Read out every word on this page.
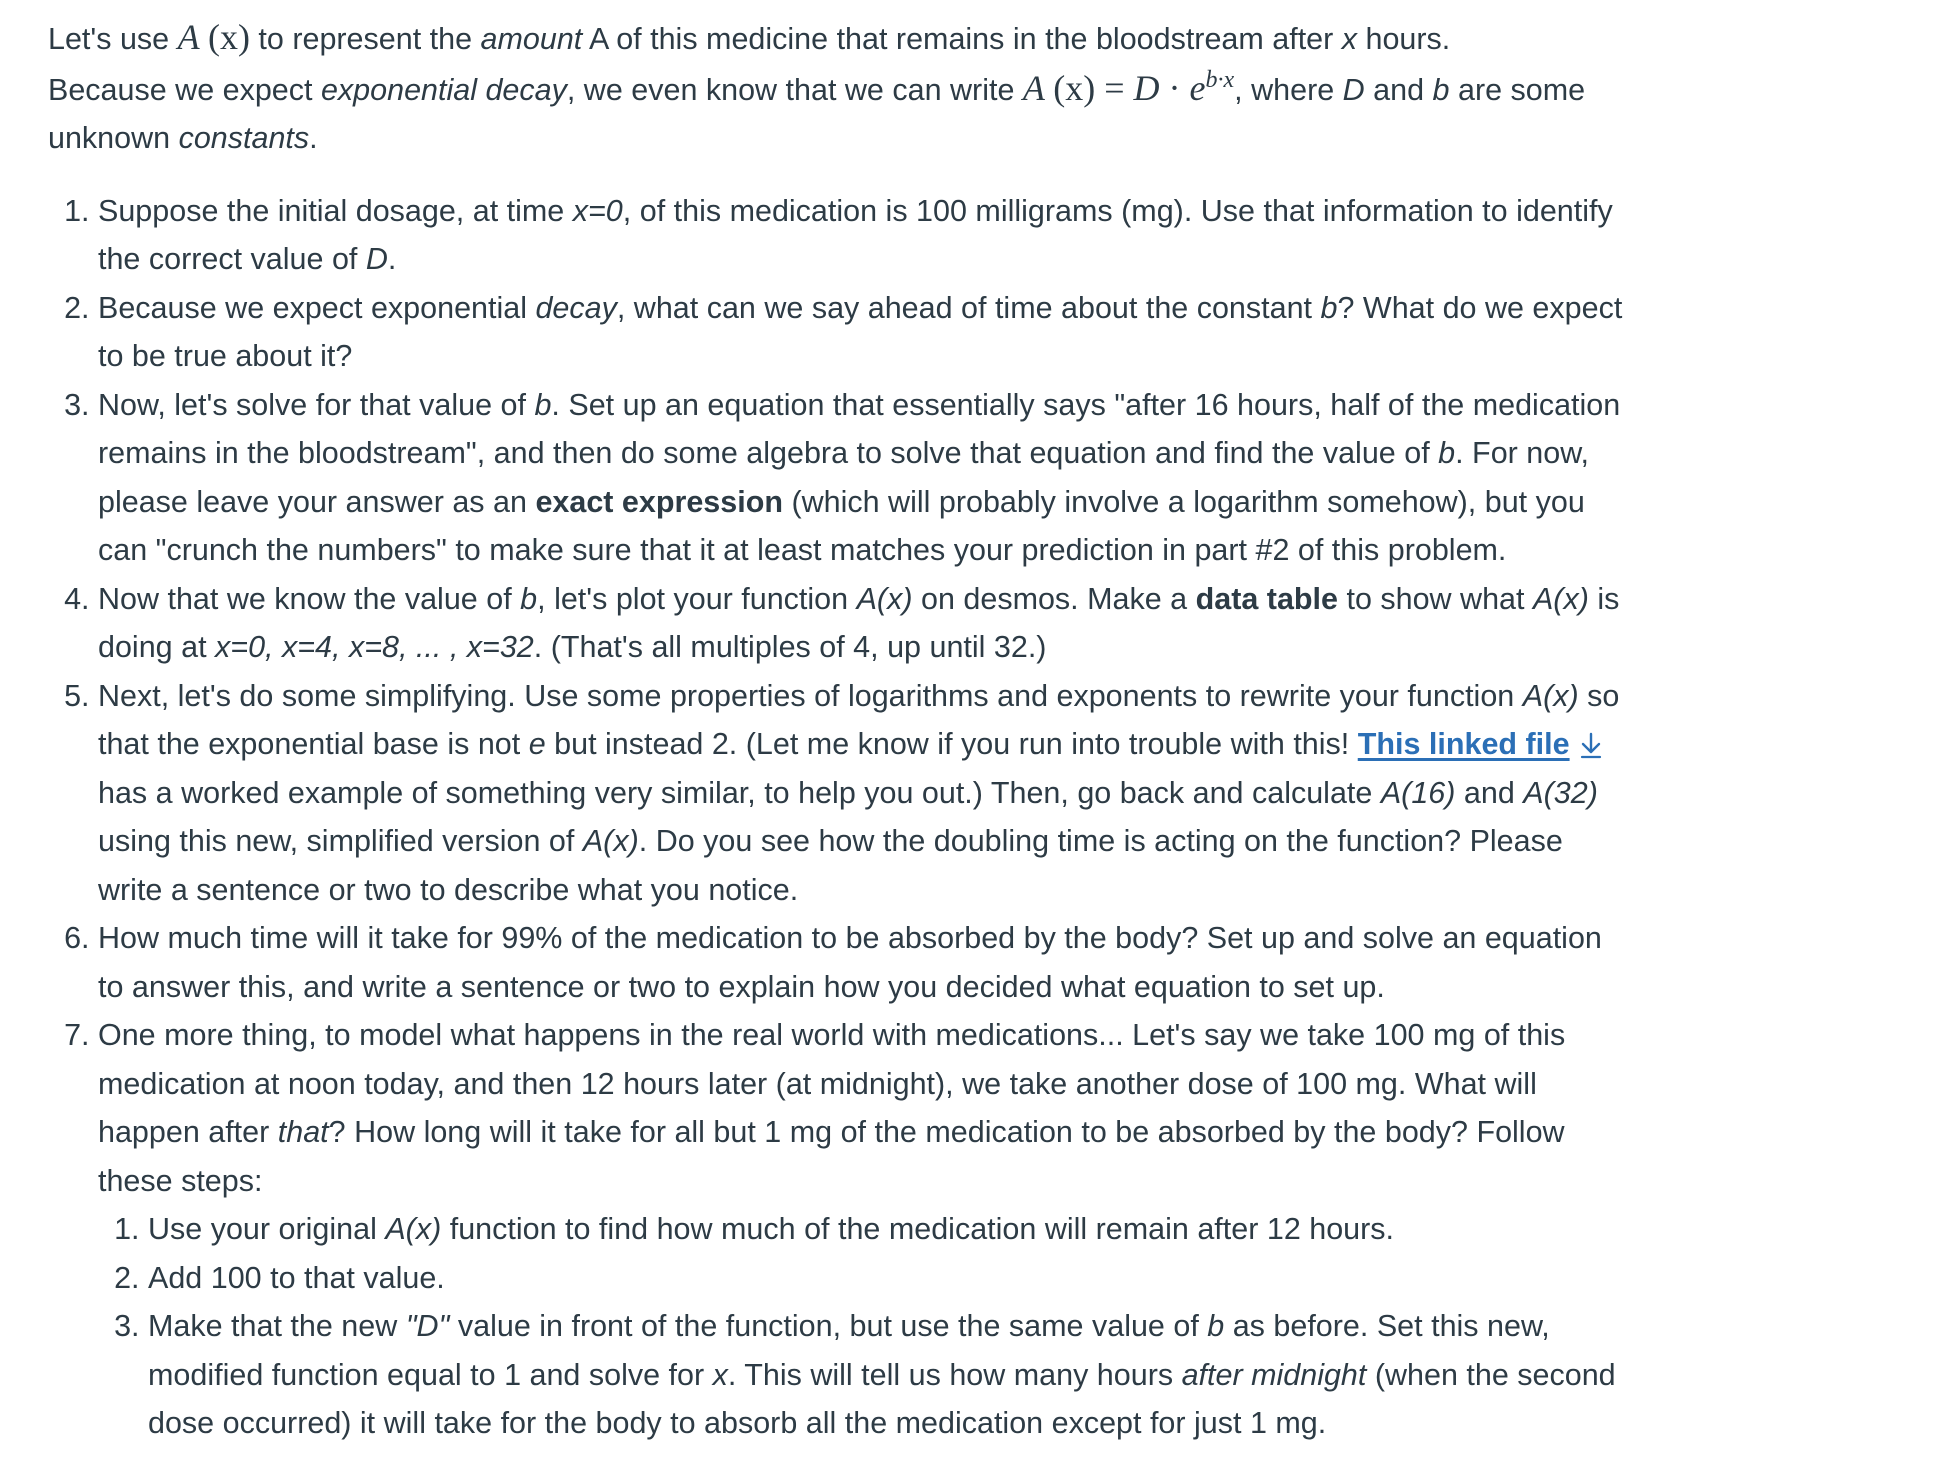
Let's use A (x) to represent the amount A of this medicine that remains in the bloodstream after x hours.
Because we expect exponential decay, we even know that we can write A $(x) = D \cdot e^{b\cdot x}$, where D and b are some unknown constants.

1. Suppose the initial dosage, at time x=0, of this medication is 100 milligrams (mg). Use that information to identify the correct value of D.
2. Because we expect exponential decay, what can we say ahead of time about the constant b? What do we expect to be true about it?
3. Now, let's solve for that value of b. Set up an equation that essentially says "after 16 hours, half of the medication remains in the bloodstream", and then do some algebra to solve that equation and find the value of b. For now, please leave your answer as an exact expression (which will probably involve a logarithm somehow), but you can "crunch the numbers" to make sure that it at least matches your prediction in part #2 of this problem.
4. Now that we know the value of b, let's plot your function A(x) on desmos. Make a data table to show what A(x) is doing at x=0, x=4, x=8, ... , x=32. (That's all multiples of 4, up until 32.)
5. Next, let's do some simplifying. Use some properties of logarithms and exponents to rewrite your function A(x) so that the exponential base is not e but instead 2. (Let me know if you run into trouble with this! This linked file has a worked example of something very similar, to help you out.) Then, go back and calculate A(16) and A(32) using this new, simplified version of A(x). Do you see how the doubling time is acting on the function? Please write a sentence or two to describe what you notice.
6. How much time will it take for 99% of the medication to be absorbed by the body? Set up and solve an equation to answer this, and write a sentence or two to explain how you decided what equation to set up.
7. One more thing, to model what happens in the real world with medications... Let's say we take 100 mg of this medication at noon today, and then 12 hours later (at midnight), we take another dose of 100 mg. What will happen after that? How long will it take for all but 1 mg of the medication to be absorbed by the body? Follow these steps:
1. Use your original A(x) function to find how much of the medication will remain after 12 hours.
2. Add 100 to that value.
3. Make that the new "D" value in front of the function, but use the same value of b as before. Set this new, modified function equal to 1 and solve for x. This will tell us how many hours after midnight (when the second dose occurred) it will take for the body to absorb all the medication except for just 1 mg.
